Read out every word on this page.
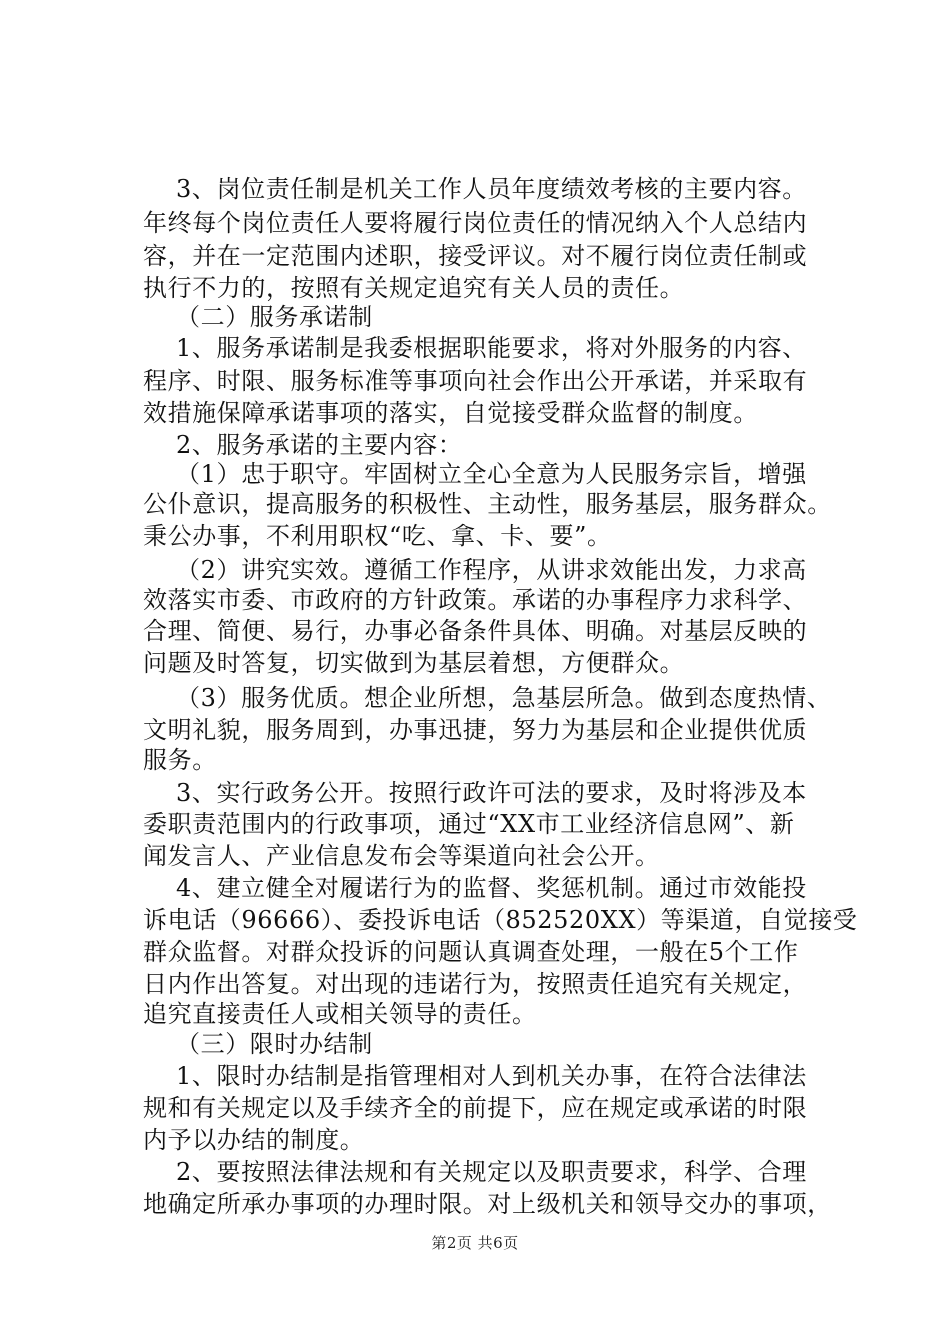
3、岗位责任制是机关工作人员年度绩效考核的主要内容。
年终每个岗位责任人要将履行岗位责任的情况纳入个人总结内
容，并在一定范围内述职，接受评议。对不履行岗位责任制或
执行不力的，按照有关规定追究有关人员的责任。
（二）服务承诺制
1、服务承诺制是我委根据职能要求，将对外服务的内容、
程序、时限、服务标准等事项向社会作出公开承诺，并采取有
效措施保障承诺事项的落实，自觉接受群众监督的制度。
2、服务承诺的主要内容：
（1）忠于职守。牢固树立全心全意为人民服务宗旨，增强
公仆意识，提高服务的积极性、主动性，服务基层，服务群众。
秉公办事，不利用职权“吃、拿、卡、要”。
（2）讲究实效。遵循工作程序，从讲求效能出发，力求高
效落实市委、市政府的方针政策。承诺的办事程序力求科学、
合理、简便、易行，办事必备条件具体、明确。对基层反映的
问题及时答复，切实做到为基层着想，方便群众。
（3）服务优质。想企业所想，急基层所急。做到态度热情、
文明礼貌，服务周到，办事迅捷，努力为基层和企业提供优质
服务。
3、实行政务公开。按照行政许可法的要求，及时将涉及本
委职责范围内的行政事项，通过“XX市工业经济信息网”、新
闻发言人、产业信息发布会等渠道向社会公开。
4、建立健全对履诺行为的监督、奖惩机制。通过市效能投
诉电话（96666）、委投诉电话（852520XX）等渠道，自觉接受
群众监督。对群众投诉的问题认真调查处理，一般在5个工作
日内作出答复。对出现的违诺行为，按照责任追究有关规定，
追究直接责任人或相关领导的责任。
（三）限时办结制
1、限时办结制是指管理相对人到机关办事，在符合法律法
规和有关规定以及手续齐全的前提下，应在规定或承诺的时限
内予以办结的制度。
2、要按照法律法规和有关规定以及职责要求，科学、合理
地确定所承办事项的办理时限。对上级机关和领导交办的事项，
第2页 共6页
